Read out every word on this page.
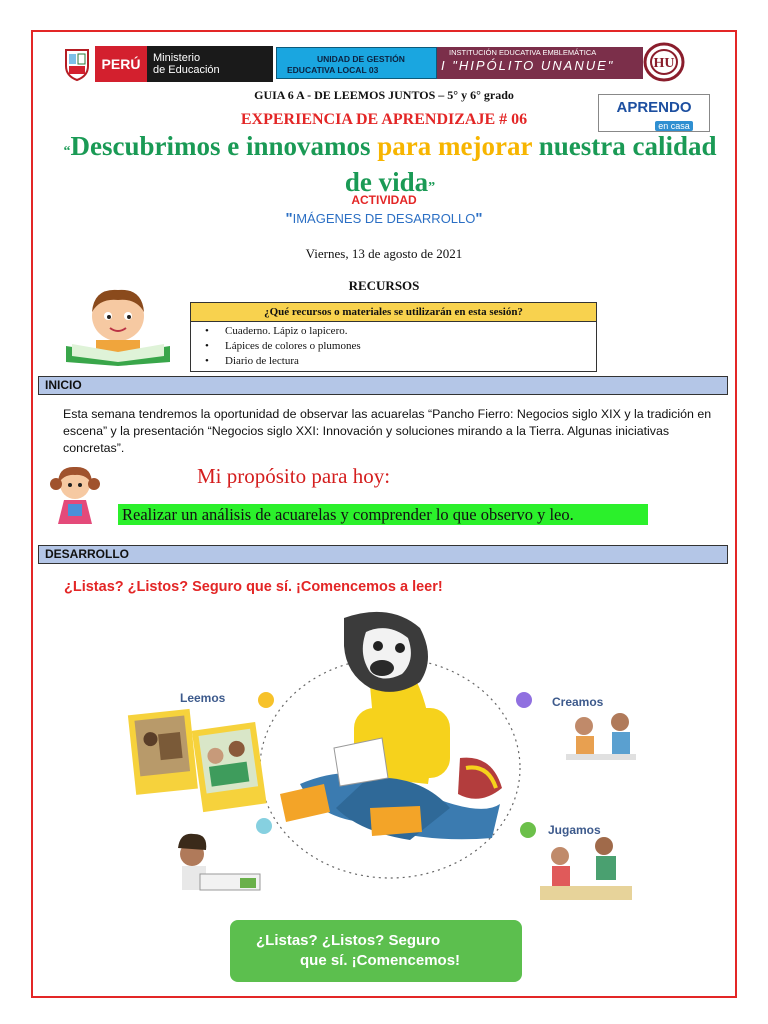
PERÚ	Ministerio
de Educación
UNIDAD DE GESTIÓN
EDUCATIVA LOCAL 03
INSTITUCIÓN EDUCATIVA EMBLEMÁTICA
I "HIPÓLITO UNANUE"	HU
GUIA 6 A - DE LEEMOS JUNTOS – 5° y 6° grado
APRENDO
en casa
EXPERIENCIA DE APRENDIZAJE # 06
“Descubrimos e innovamos para mejorar nuestra calidad de vida”
ACTIVIDAD
"IMÁGENES DE DESARROLLO"
Viernes, 13 de agosto de 2021
RECURSOS
¿Qué recursos o materiales se utilizarán en esta sesión?
• Cuaderno. Lápiz o lapicero.
• Lápices de colores o plumones
• Diario de lectura
INICIO
Esta semana tendremos la oportunidad de observar las acuarelas “Pancho Fierro: Negocios siglo XIX y la tradición en escena” y la presentación “Negocios siglo XXI: Innovación y soluciones mirando a la Tierra. Algunas iniciativas concretas”.
Mi propósito para hoy:
Realizar un análisis de acuarelas y comprender lo que observo y leo.
DESARROLLO
¿Listas? ¿Listos? Seguro que sí. ¡Comencemos a leer!
Leemos	Creamos
Jugamos
¿Listas? ¿Listos? Seguro
que sí. ¡Comencemos!
